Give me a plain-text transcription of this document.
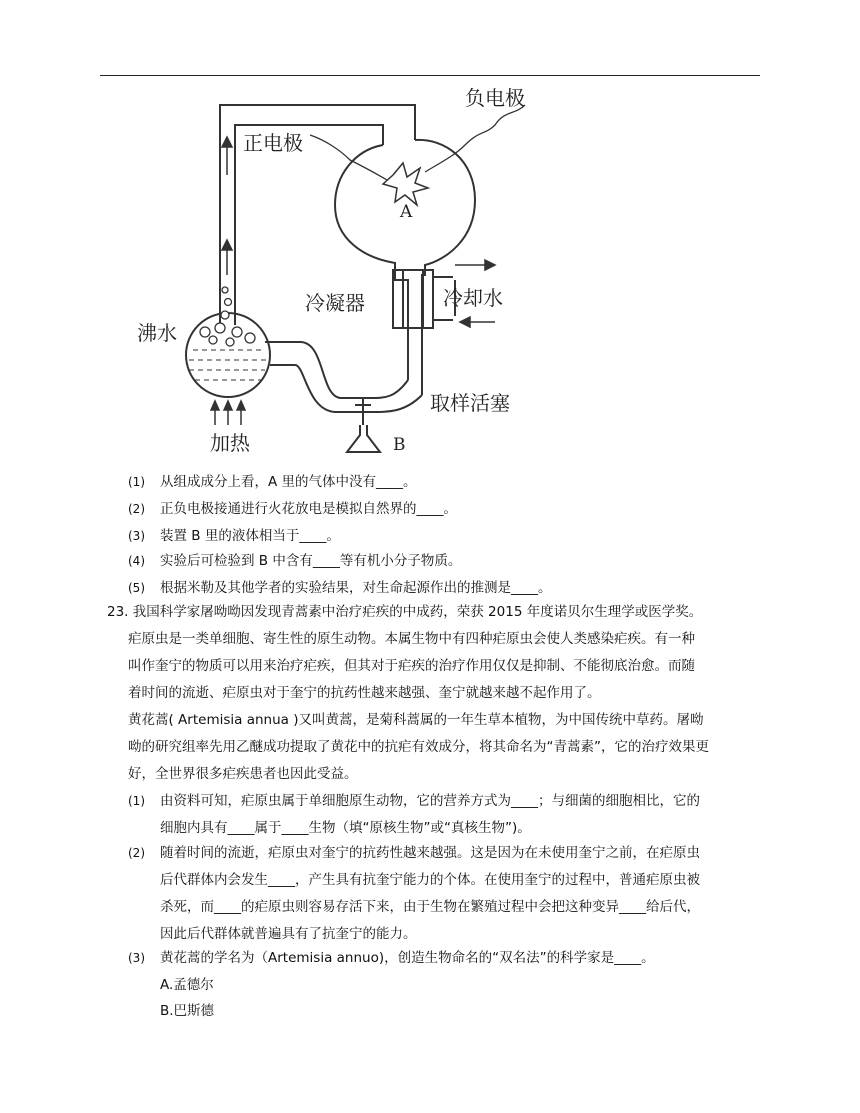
负电极
正电极
A
冷凝器	冷却水
沸水
加热
取样活塞
B
(1)	从组成成分上看，A 里的气体中没有____。
(2)	正负电极接通进行火花放电是模拟自然界的____。
(3)	装置 B 里的液体相当于____。
(4)	实验后可检验到 B 中含有____等有机小分子物质。
(5)	根据米勒及其他学者的实验结果，对生命起源作出的推测是____。
23. 我国科学家屠呦呦因发现青蒿素中治疗疟疾的中成药，荣获 2015 年度诺贝尔生理学或医学奖。
疟原虫是一类单细胞、寄生性的原生动物。本属生物中有四种疟原虫会使人类感染疟疾。有一种
叫作奎宁的物质可以用来治疗疟疾，但其对于疟疾的治疗作用仅仅是抑制、不能彻底治愈。而随
着时间的流逝、疟原虫对于奎宁的抗药性越来越强、奎宁就越来越不起作用了。
黄花蒿( Artemisia annua )又叫黄蒿，是菊科蒿属的一年生草本植物，为中国传统中草药。屠呦
呦的研究组率先用乙醚成功提取了黄花中的抗疟有效成分，将其命名为“青蒿素”，它的治疗效果更
好，全世界很多疟疾患者也因此受益。
(1)	由资料可知，疟原虫属于单细胞原生动物，它的营养方式为____；与细菌的细胞相比，它的
细胞内具有____属于____生物（填“原核生物”或“真核生物”)。
(2)	随着时间的流逝，疟原虫对奎宁的抗药性越来越强。这是因为在未使用奎宁之前，在疟原虫
后代群体内会发生____，产生具有抗奎宁能力的个体。在使用奎宁的过程中，普通疟原虫被
杀死，而____的疟原虫则容易存活下来，由于生物在繁殖过程中会把这种变异____给后代，
因此后代群体就普遍具有了抗奎宁的能力。
(3)	黄花蒿的学名为（Artemisia annuo)，创造生物命名的“双名法”的科学家是____。
A.孟德尔
B.巴斯德
